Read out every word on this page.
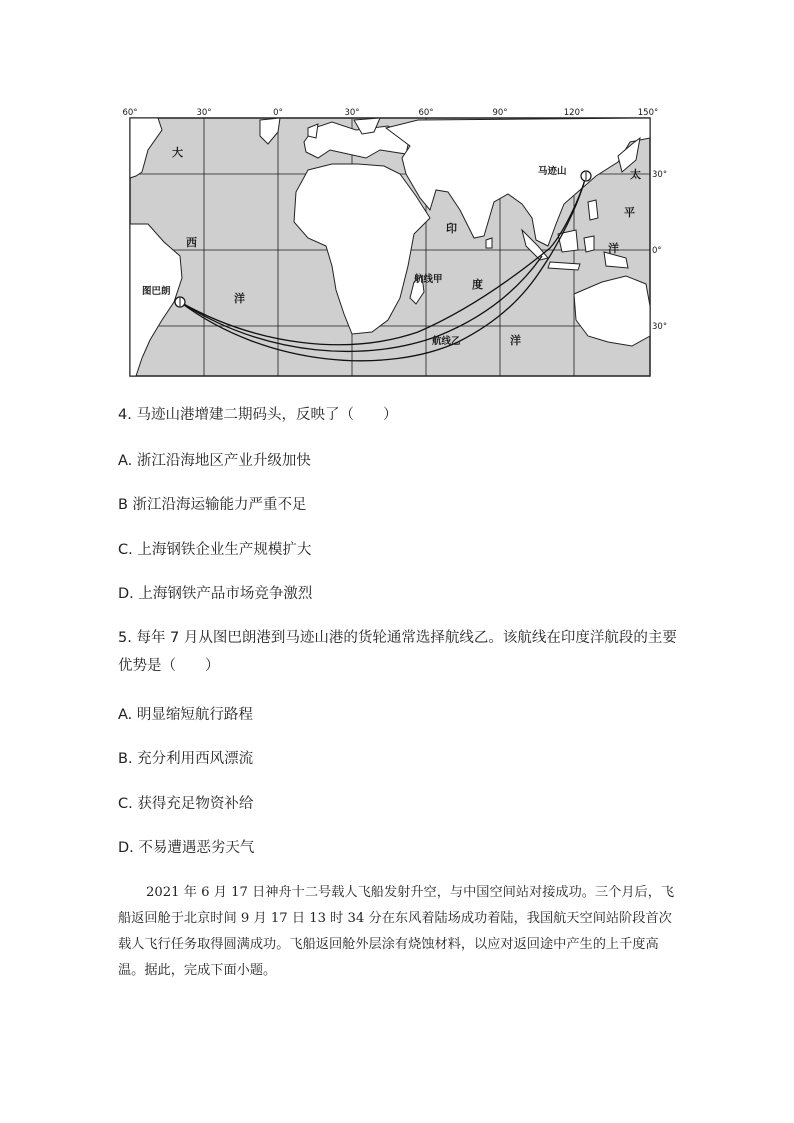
60°	30°	0°	30°	60°	90°	120°	150°
30°
0°
30°
大
西
洋
印
度
洋
太
平
洋
图巴朗
马迹山
航线甲
航线乙
4. 马迹山港增建二期码头，反映了（　　）
A. 浙江沿海地区产业升级加快
B 浙江沿海运输能力严重不足
C. 上海钢铁企业生产规模扩大
D. 上海钢铁产品市场竞争激烈
5. 每年 7 月从图巴朗港到马迹山港的货轮通常选择航线乙。该航线在印度洋航段的主要优势是（　　）
A. 明显缩短航行路程
B. 充分利用西风漂流
C. 获得充足物资补给
D. 不易遭遇恶劣天气
2021 年 6 月 17 日神舟十二号载人飞船发射升空，与中国空间站对接成功。三个月后，飞船返回舱于北京时间 9 月 17 日 13 时 34 分在东风着陆场成功着陆，我国航天空间站阶段首次载人飞行任务取得圆满成功。飞船返回舱外层涂有烧蚀材料，以应对返回途中产生的上千度高温。据此，完成下面小题。
